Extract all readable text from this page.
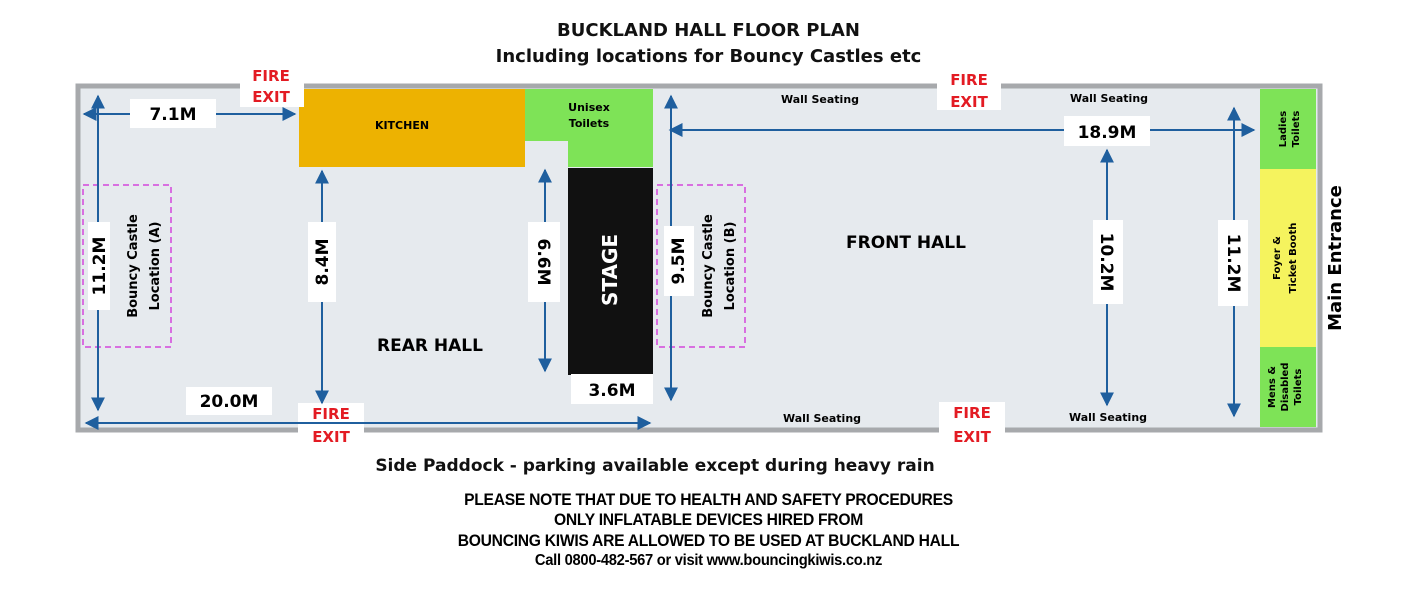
BUCKLAND HALL FLOOR PLAN
Including locations for Bouncy Castles etc
KITCHEN
Unisex
Toilets
STAGE
3.6M
Ladies Toilets
Foyer & Ticket Booth
Mens & Disabled Toilets
Main Entrance
Bouncy Castle Location (A)	Bouncy Castle Location (B)
REAR HALL
FRONT HALL
Wall Seating	Wall Seating
Wall Seating	Wall Seating
FIRE
EXIT
FIRE
EXIT
FIRE
EXIT
FIRE
EXIT
7.1M
11.2M	8.4M
20.0M
6.6M	9.5M
18.9M
10.2M	11.2M
Side Paddock - parking available except during heavy rain
PLEASE NOTE THAT DUE TO HEALTH AND SAFETY PROCEDURES
ONLY INFLATABLE DEVICES HIRED FROM
BOUNCING KIWIS ARE ALLOWED TO BE USED AT BUCKLAND HALL
Call 0800-482-567 or visit www.bouncingkiwis.co.nz
